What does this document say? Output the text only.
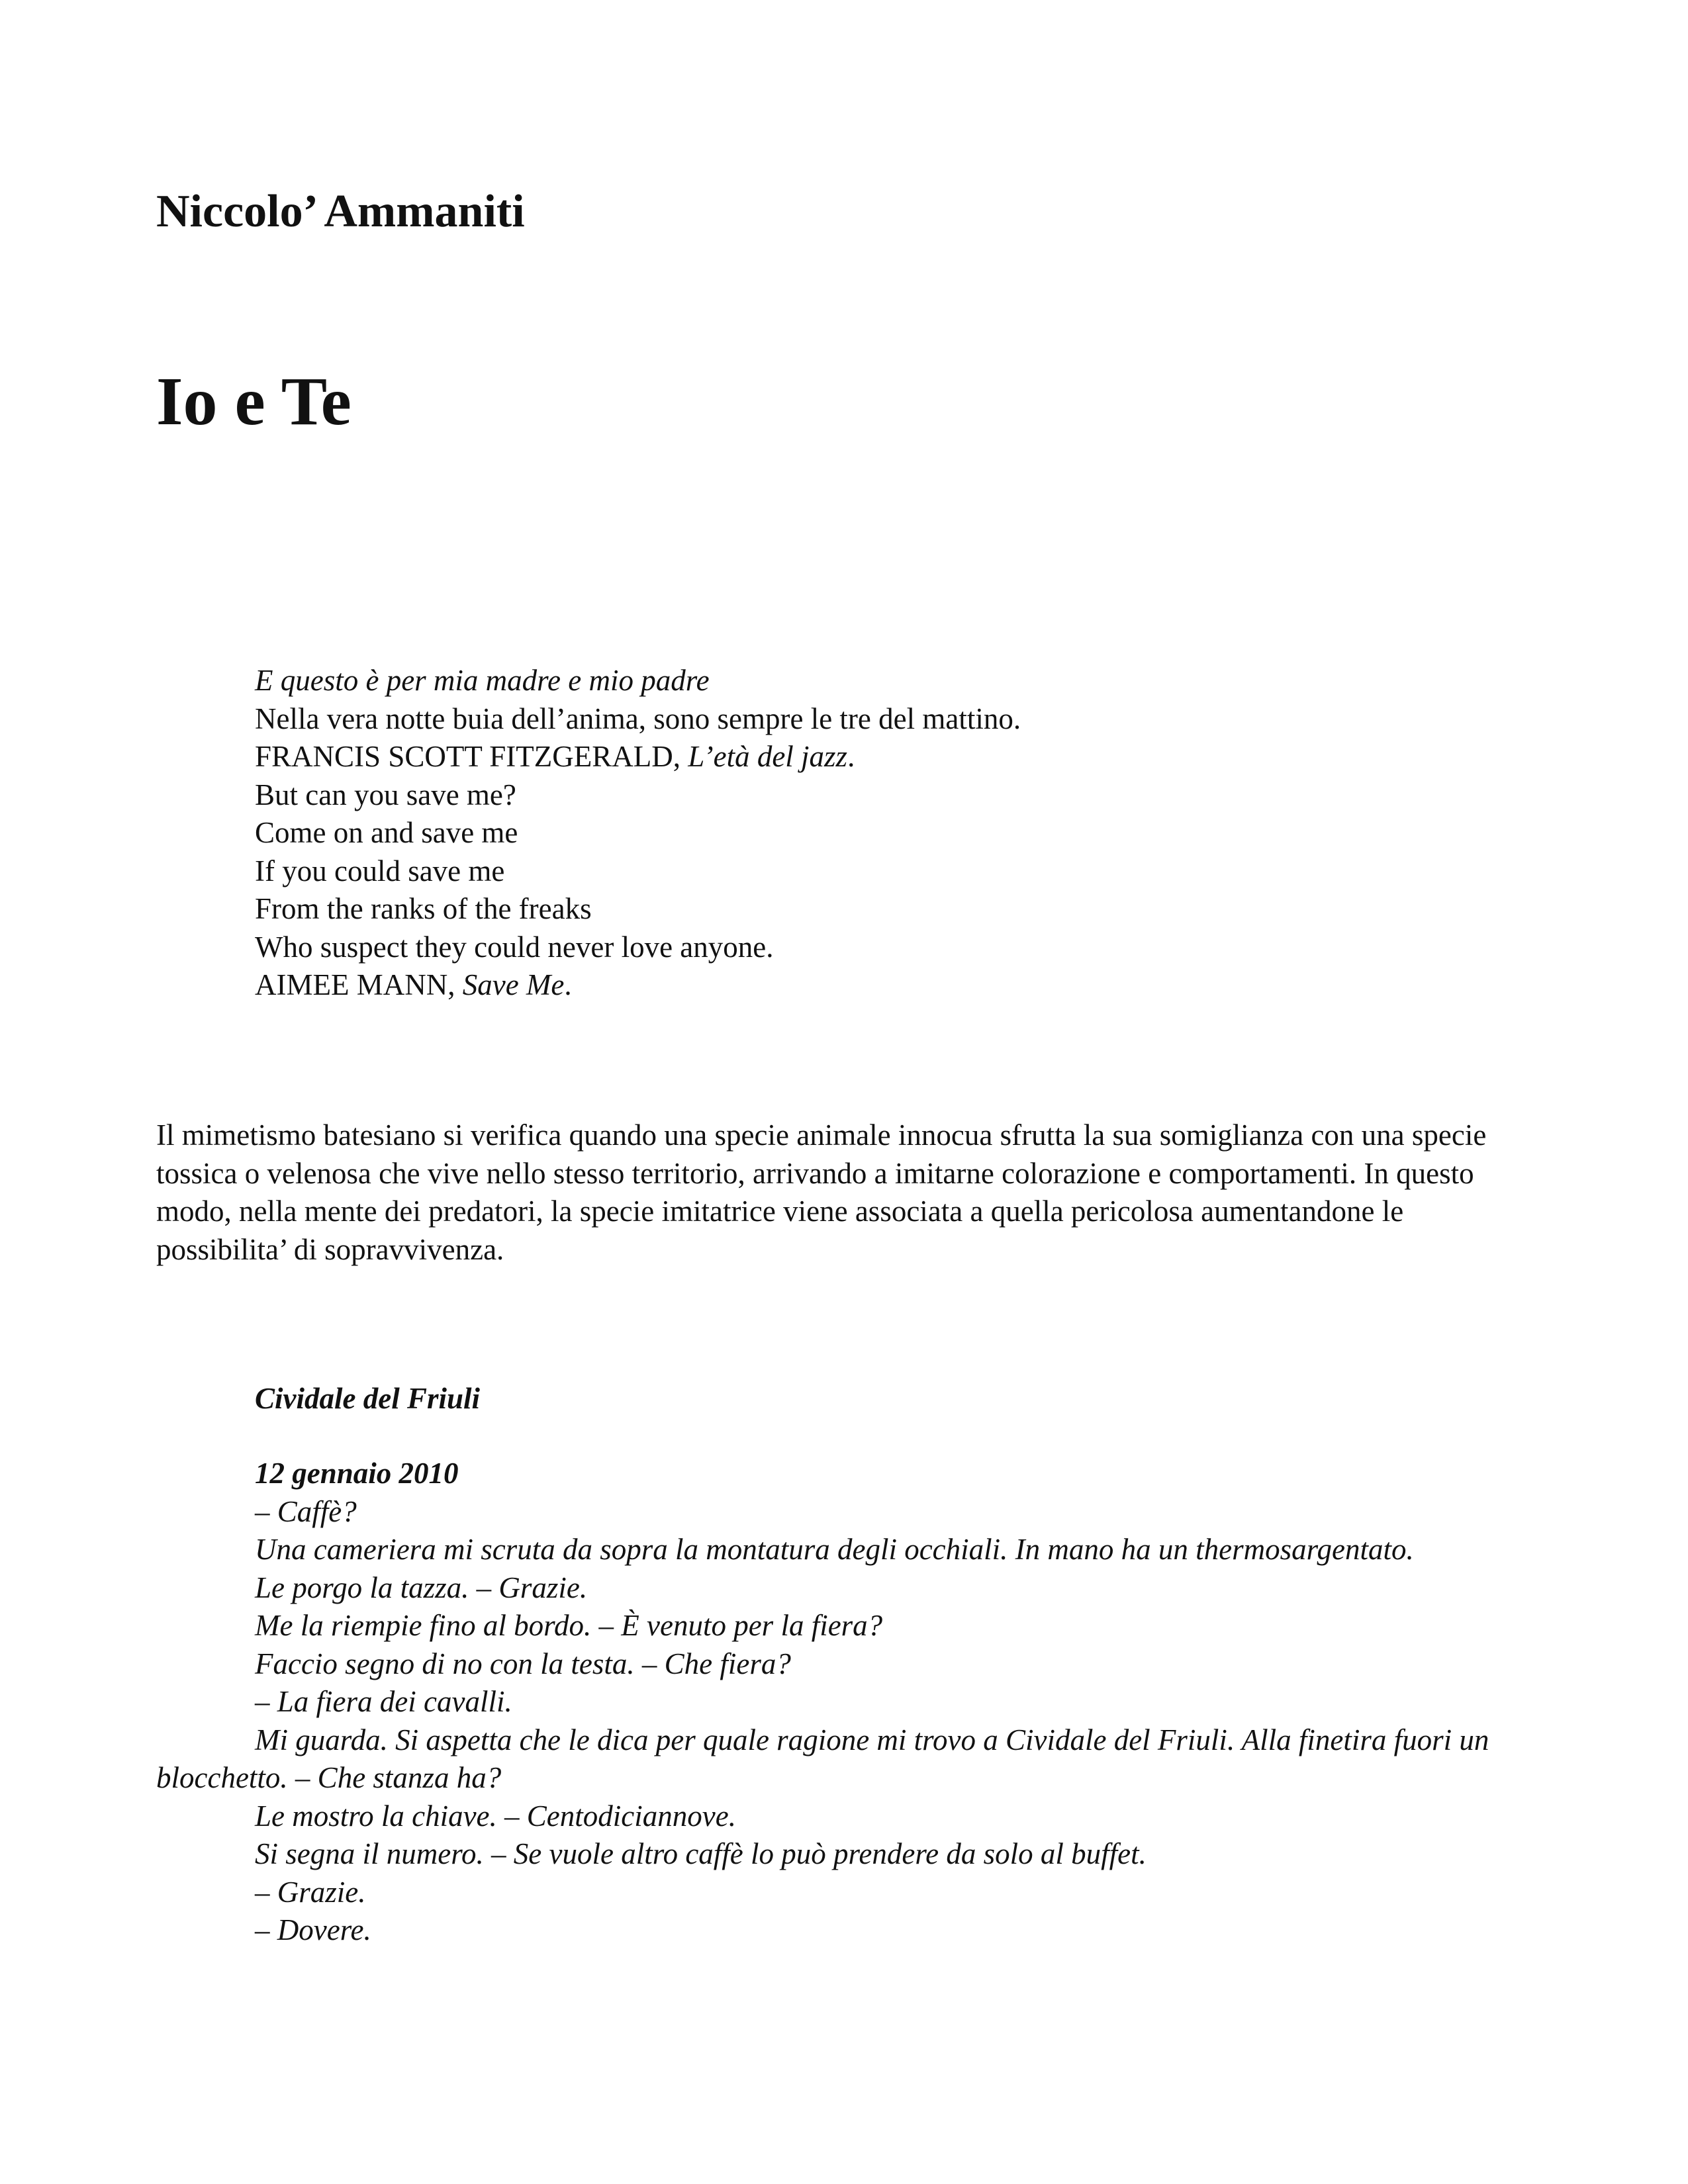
Niccolo’ Ammaniti
Io e Te
E questo è per mia madre e mio padre
Nella vera notte buia dell’anima, sono sempre le tre del mattino.
FRANCIS SCOTT FITZGERALD, L’età del jazz.
But can you save me?
Come on and save me
If you could save me
From the ranks of the freaks
Who suspect they could never love anyone.
AIMEE MANN, Save Me.

Il mimetismo batesiano si verifica quando una specie animale innocua sfrutta la sua somiglianza con una specie tossica o velenosa che vive nello stesso territorio, arrivando a imitarne colorazione e comportamenti. In questo modo, nella mente dei predatori, la specie imitatrice viene associata a quella pericolosa aumentandone le possibilita’ di sopravvivenza.

Cividale del Friuli

12 gennaio 2010

– Caffè?

Una cameriera mi scruta da sopra la montatura degli occhiali. In mano ha un thermosargentato.

Le porgo la tazza. – Grazie.

Me la riempie fino al bordo. – È venuto per la fiera?

Faccio segno di no con la testa. – Che fiera?

– La fiera dei cavalli.

Mi guarda. Si aspetta che le dica per quale ragione mi trovo a Cividale del Friuli. Alla finetira fuori un blocchetto. – Che stanza ha?

Le mostro la chiave. – Centodiciannove.

Si segna il numero. – Se vuole altro caffè lo può prendere da solo al buffet.

– Grazie.

– Dovere.
